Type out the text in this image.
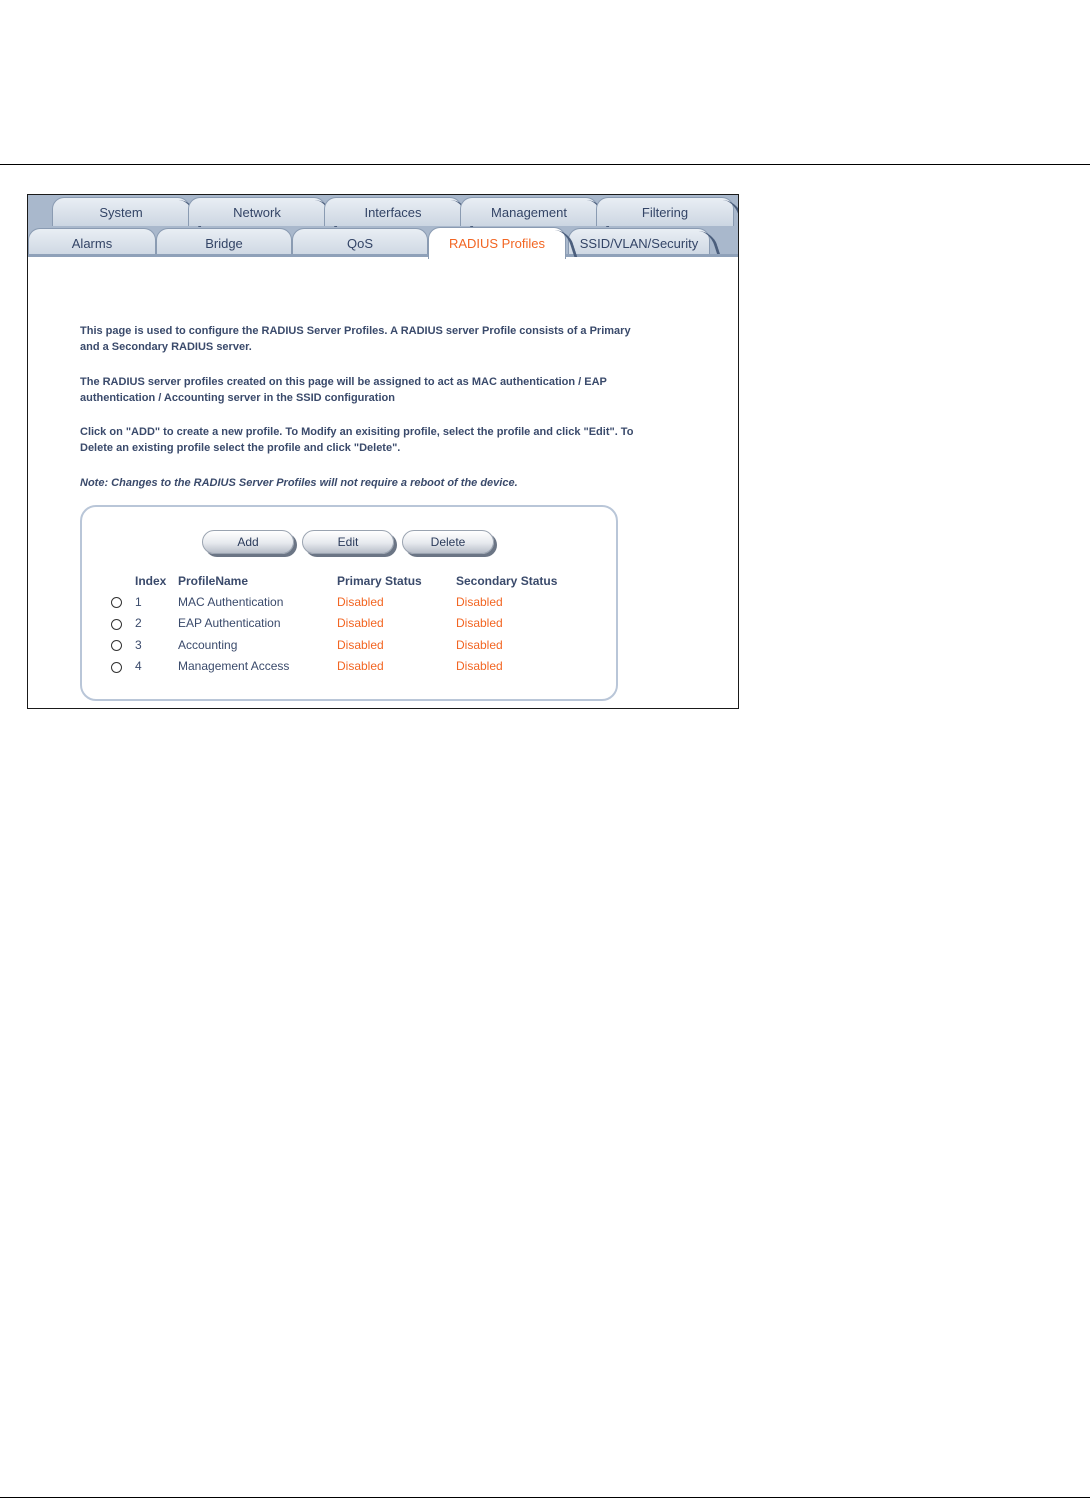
System	Network	Interfaces	Management	Filtering
Alarms	Bridge	QoS	RADIUS Profiles	SSID/VLAN/Security
This page is used to configure the RADIUS Server Profiles. A RADIUS server Profile consists of a Primary and a Secondary RADIUS server.
The RADIUS server profiles created on this page will be assigned to act as MAC authentication / EAP authentication / Accounting server in the SSID configuration
Click on "ADD" to create a new profile. To Modify an exisiting profile, select the profile and click "Edit". To Delete an existing profile select the profile and click "Delete".
Note: Changes to the RADIUS Server Profiles will not require a reboot of the device.
Add	Edit	Delete
	Index	ProfileName	Primary Status	Secondary Status
	1	MAC Authentication	Disabled	Disabled
	2	EAP Authentication	Disabled	Disabled
	3	Accounting	Disabled	Disabled
	4	Management Access	Disabled	Disabled
